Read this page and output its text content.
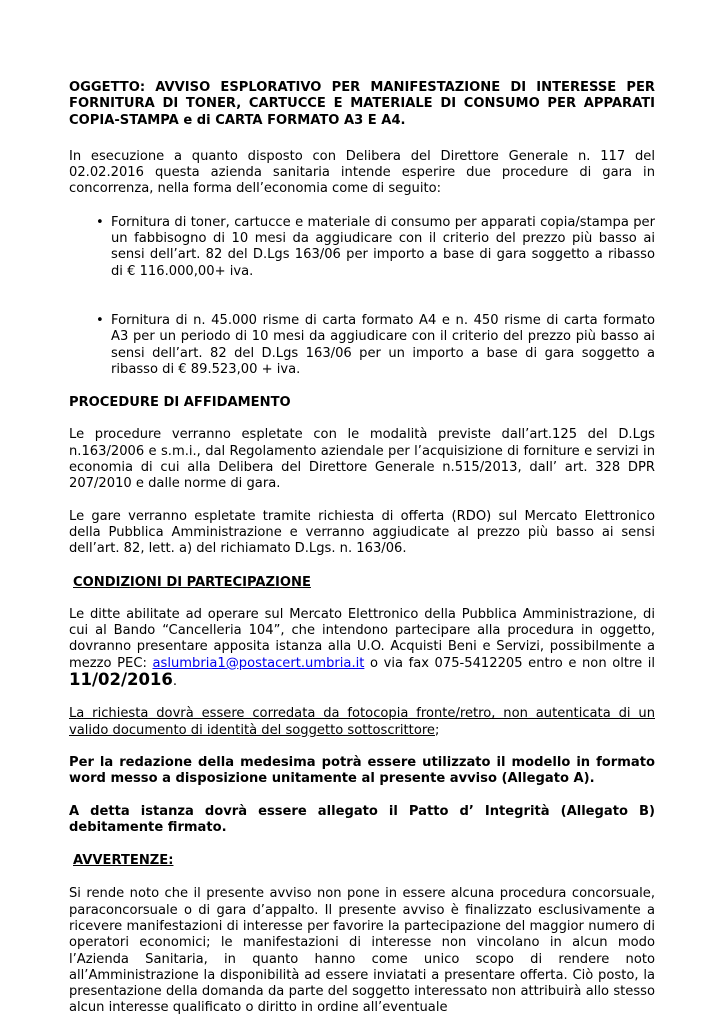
OGGETTO: AVVISO ESPLORATIVO PER MANIFESTAZIONE DI INTERESSE PER FORNITURA DI TONER, CARTUCCE E MATERIALE DI CONSUMO PER APPARATI COPIA-STAMPA e di CARTA FORMATO A3 E A4.

In esecuzione a quanto disposto con Delibera del Direttore Generale n. 117 del 02.02.2016 questa azienda sanitaria intende esperire due procedure di gara in concorrenza, nella forma dell’economia come di seguito:

• Fornitura di toner, cartucce e materiale di consumo per apparati copia/stampa per un fabbisogno di 10 mesi da aggiudicare con il criterio del prezzo più basso ai sensi dell’art. 82 del D.Lgs 163/06 per importo a base di gara soggetto a ribasso di € 116.000,00+ iva.
• Fornitura di n. 45.000 risme di carta formato A4 e n. 450 risme di carta formato A3 per un periodo di 10 mesi da aggiudicare con il criterio del prezzo più basso ai sensi dell’art. 82 del D.Lgs 163/06 per un importo a base di gara soggetto a ribasso di € 89.523,00 + iva.

PROCEDURE DI AFFIDAMENTO

Le procedure verranno espletate con le modalità previste dall’art.125 del D.Lgs n.163/2006 e s.m.i., dal Regolamento aziendale per l’acquisizione di forniture e servizi in economia di cui alla Delibera del Direttore Generale n.515/2013, dall’ art. 328 DPR 207/2010 e dalle norme di gara.

Le gare verranno espletate tramite richiesta di offerta (RDO) sul Mercato Elettronico della Pubblica Amministrazione e verranno aggiudicate al prezzo più basso ai sensi dell’art. 82, lett. a) del richiamato D.Lgs. n. 163/06.

CONDIZIONI DI PARTECIPAZIONE

Le ditte abilitate ad operare sul Mercato Elettronico della Pubblica Amministrazione, di cui al Bando “Cancelleria 104”, che intendono partecipare alla procedura in oggetto, dovranno presentare apposita istanza alla U.O. Acquisti Beni e Servizi, possibilmente a mezzo PEC: aslumbria1@postacert.umbria.it o via fax 075-5412205 entro e non oltre il 11/02/2016.

La richiesta dovrà essere corredata da fotocopia fronte/retro, non autenticata di un valido documento di identità del soggetto sottoscrittore;

Per la redazione della medesima potrà essere utilizzato il modello in formato word messo a disposizione unitamente al presente avviso (Allegato A).

A detta istanza dovrà essere allegato il Patto d’ Integrità (Allegato B) debitamente firmato.

AVVERTENZE:

Si rende noto che il presente avviso non pone in essere alcuna procedura concorsuale, paraconcorsuale o di gara d’appalto. Il presente avviso è finalizzato esclusivamente a ricevere manifestazioni di interesse per favorire la partecipazione del maggior numero di operatori economici; le manifestazioni di interesse non vincolano in alcun modo l’Azienda Sanitaria, in quanto hanno come unico scopo di rendere noto all’Amministrazione la disponibilità ad essere inviatati a presentare offerta. Ciò posto, la presentazione della domanda da parte del soggetto interessato non attribuirà allo stesso alcun interesse qualificato o diritto in ordine all’eventuale
